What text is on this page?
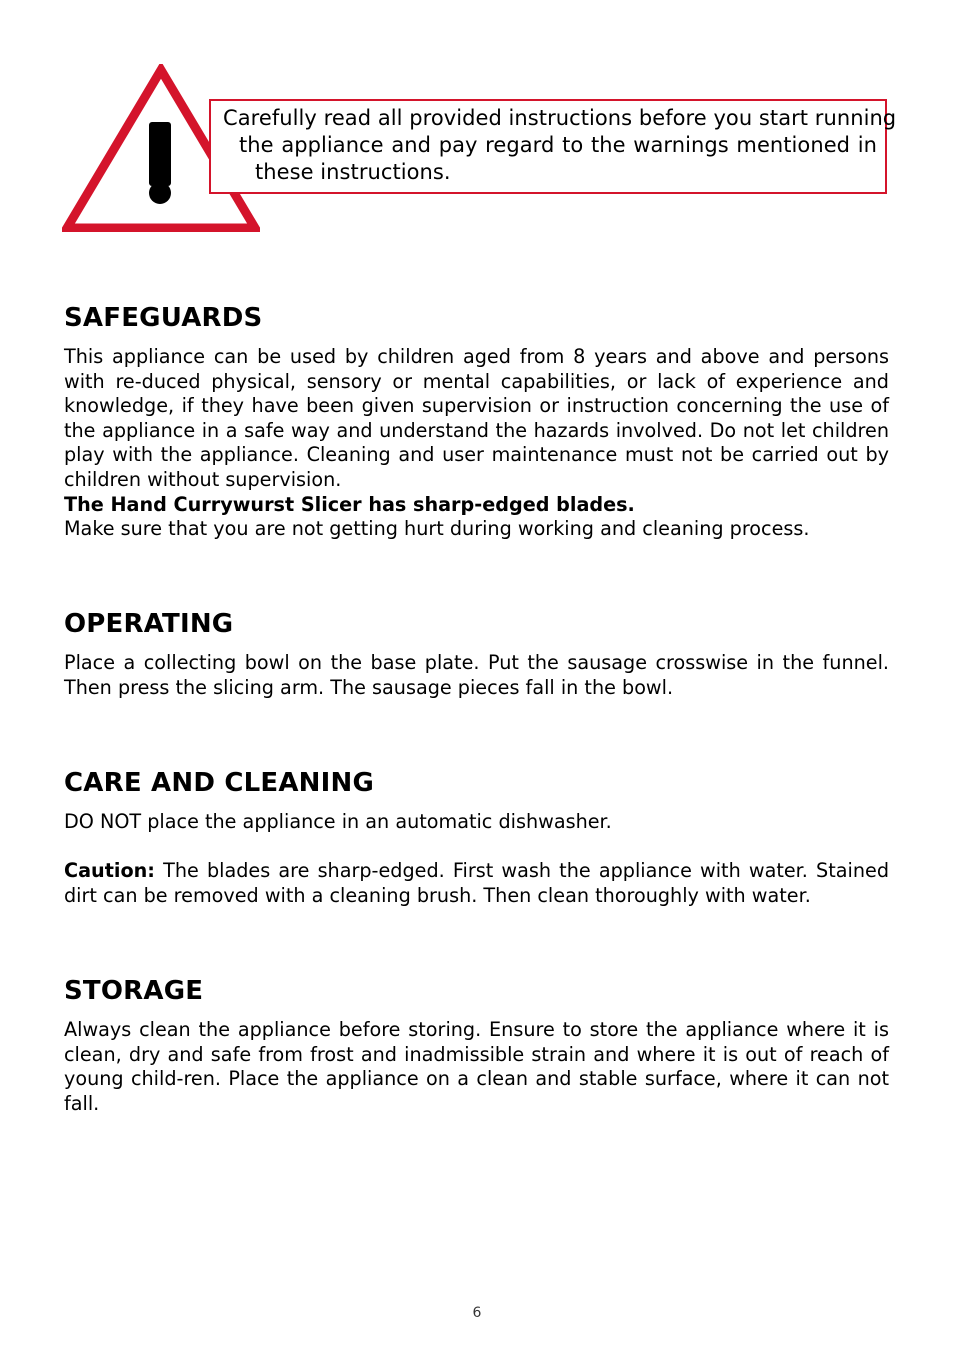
Carefully read all provided instructions before you start running
the appliance and pay regard to the warnings mentioned in
these instructions.
SAFEGUARDS

This appliance can be used by children aged from 8 years and above and persons with re-duced physical, sensory or mental capabilities, or lack of experience and knowledge, if they have been given supervision or instruction concerning the use of the appliance in a safe way and understand the hazards involved. Do not let children play with the appliance. Cleaning and user maintenance must not be carried out by children without supervision.

The Hand Currywurst Slicer has sharp-edged blades.

Make sure that you are not getting hurt during working and cleaning process.

OPERATING

Place a collecting bowl on the base plate. Put the sausage crosswise in the funnel. Then press the slicing arm. The sausage pieces fall in the bowl.

CARE AND CLEANING

DO NOT place the appliance in an automatic dishwasher.

Caution: The blades are sharp-edged. First wash the appliance with water. Stained dirt can be removed with a cleaning brush. Then clean thoroughly with water.

STORAGE

Always clean the appliance before storing. Ensure to store the appliance where it is clean, dry and safe from frost and inadmissible strain and where it is out of reach of young child-ren. Place the appliance on a clean and stable surface, where it can not fall.

6
